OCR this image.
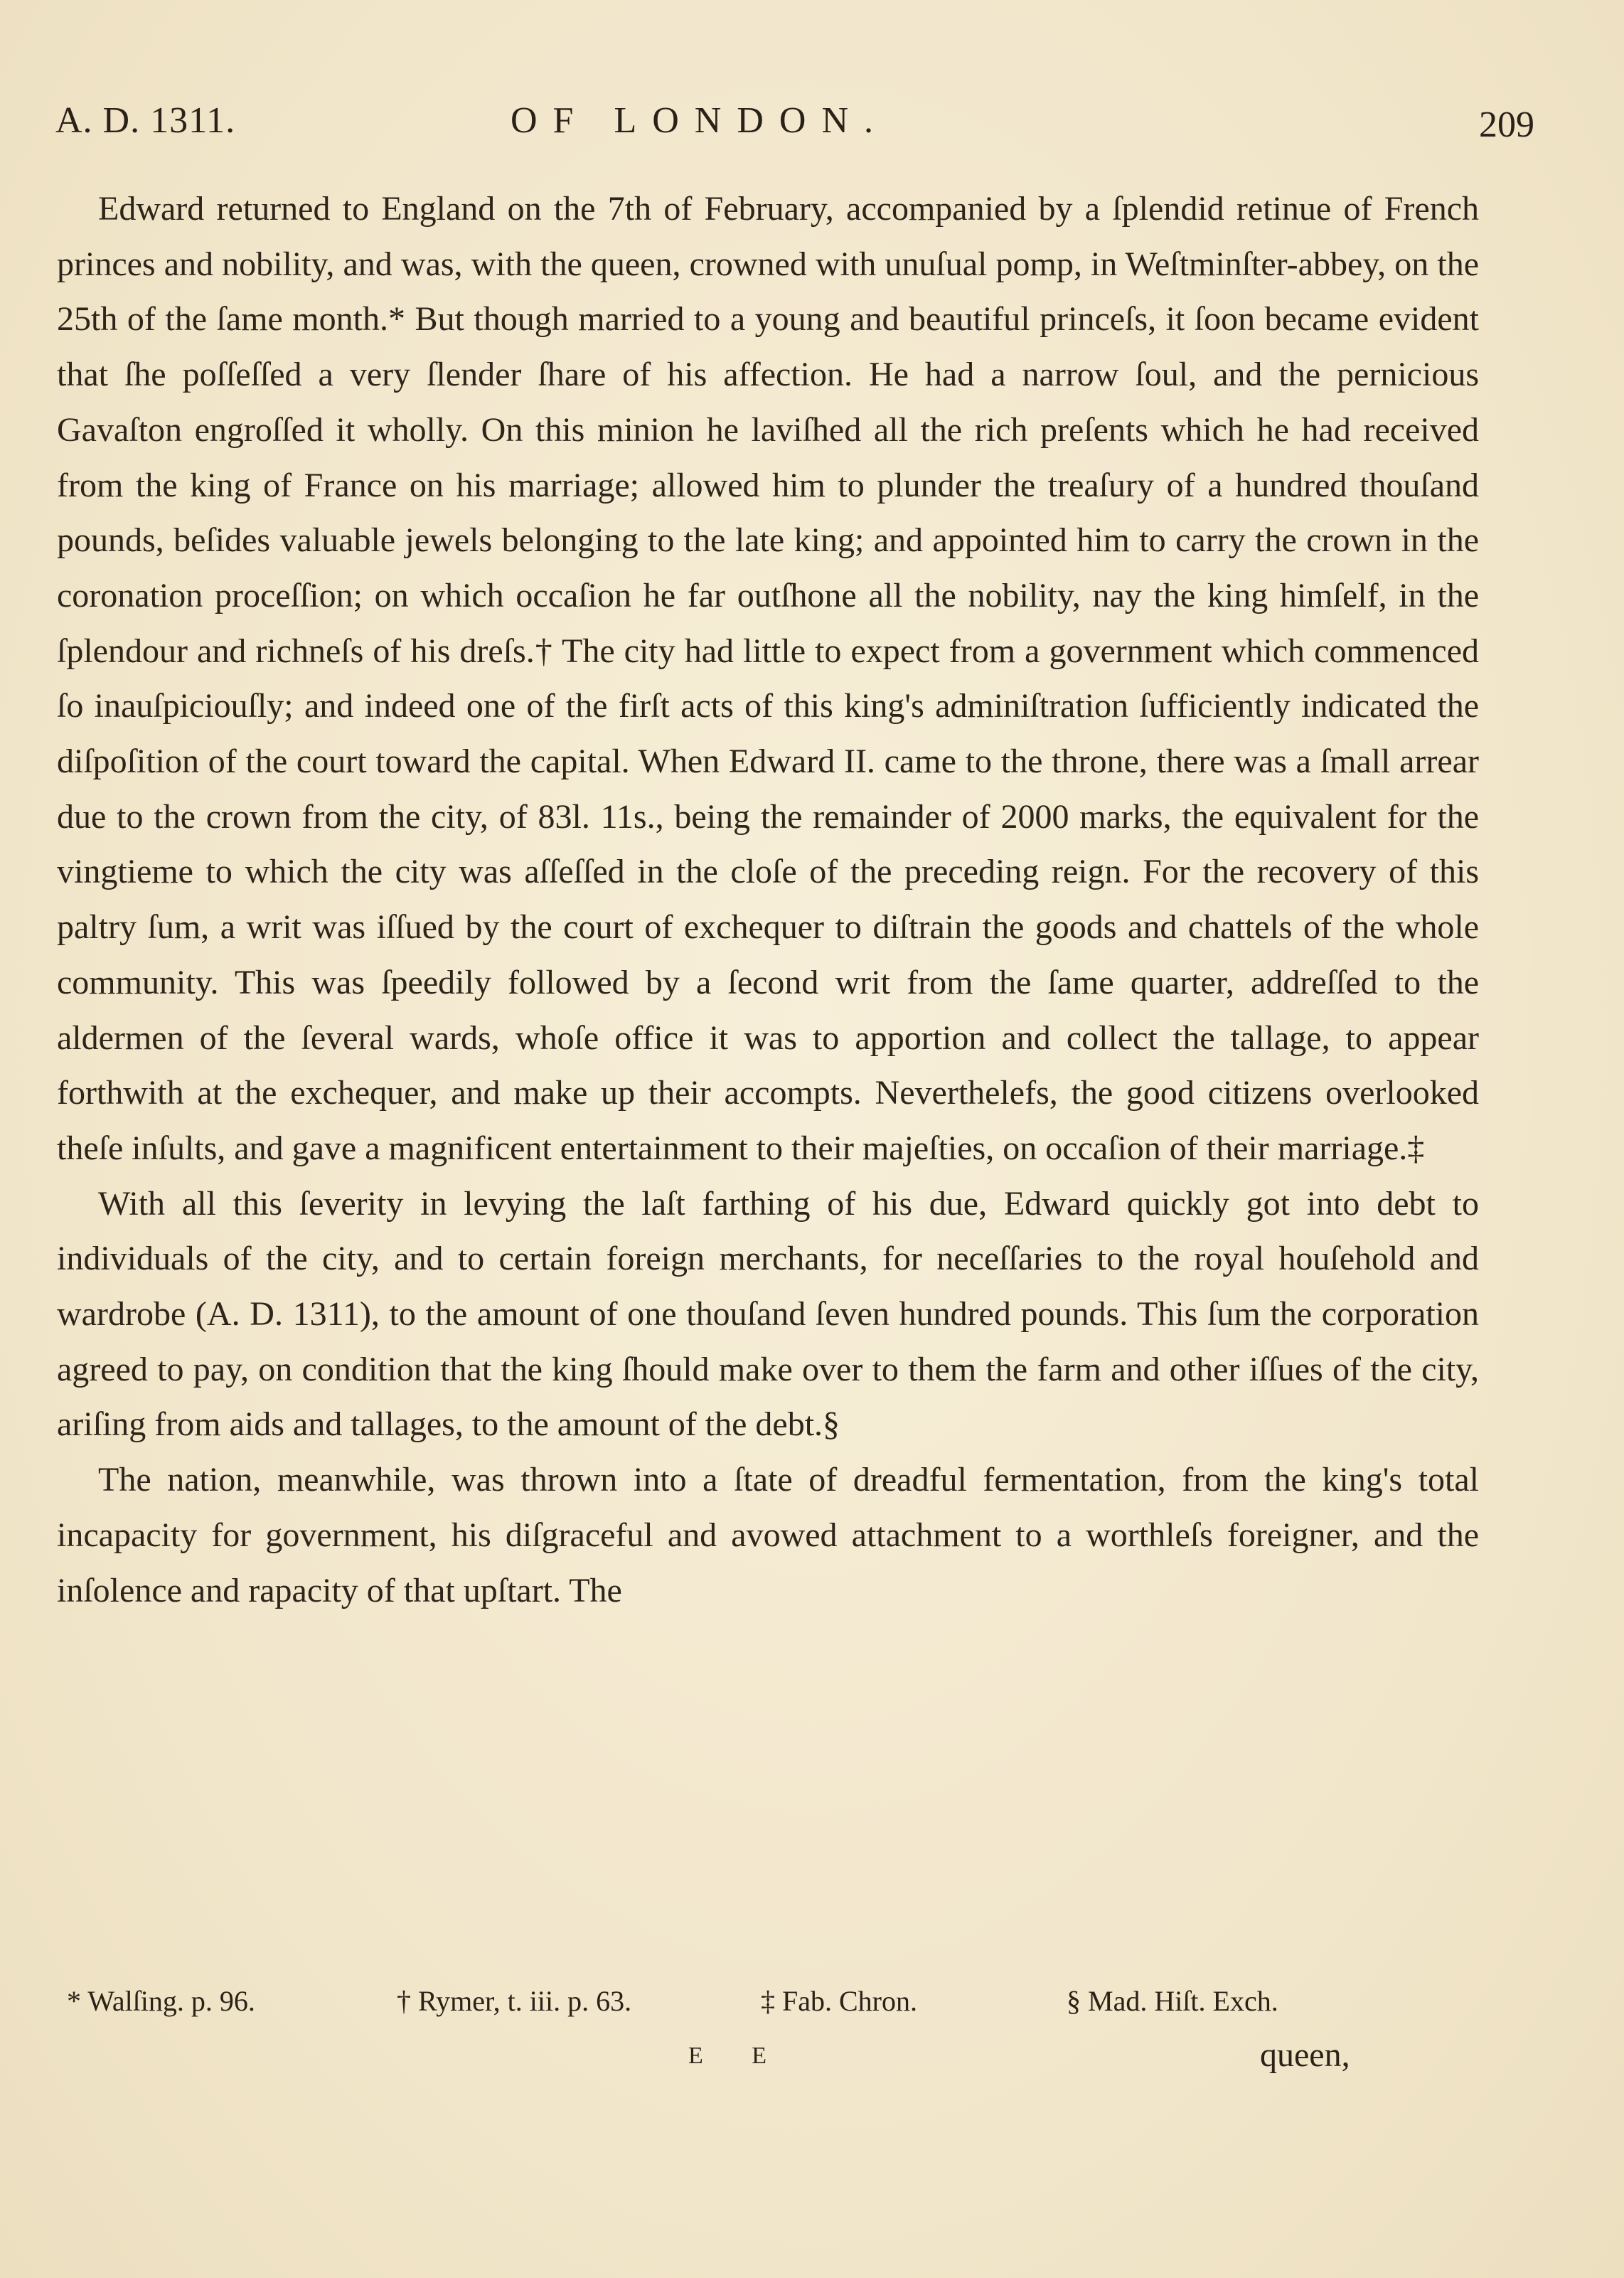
A. D. 1311.	OF LONDON.	209

Edward returned to England on the 7th of February, accompanied by a ſplendid retinue of French princes and nobility, and was, with the queen, crowned with unuſual pomp, in Weſtminſter-abbey, on the 25th of the ſame month.* But though married to a young and beautiful princeſs, it ſoon became evident that ſhe poſſeſſed a very ſlender ſhare of his affection. He had a narrow ſoul, and the pernicious Gavaſton engroſſed it wholly. On this minion he laviſhed all the rich preſents which he had received from the king of France on his marriage; allowed him to plunder the treaſury of a hundred thouſand pounds, beſides valuable jewels belonging to the late king; and appointed him to carry the crown in the coronation proceſſion; on which occaſion he far outſhone all the nobility, nay the king himſelf, in the ſplendour and richneſs of his dreſs.† The city had little to expect from a government which commenced ſo inauſpiciouſly; and indeed one of the firſt acts of this king's adminiſtration ſufficiently indicated the diſpoſition of the court toward the capital. When Edward II. came to the throne, there was a ſmall arrear due to the crown from the city, of 83l. 11s., being the remainder of 2000 marks, the equivalent for the vingtieme to which the city was aſſeſſed in the cloſe of the preceding reign. For the recovery of this paltry ſum, a writ was iſſued by the court of exchequer to diſtrain the goods and chattels of the whole community. This was ſpeedily followed by a ſecond writ from the ſame quarter, addreſſed to the aldermen of the ſeveral wards, whoſe office it was to apportion and collect the tallage, to appear forthwith at the exchequer, and make up their accompts. Neverthelefs, the good citizens overlooked theſe inſults, and gave a magnificent entertainment to their majeſties, on occaſion of their marriage.‡

With all this ſeverity in levying the laſt farthing of his due, Edward quickly got into debt to individuals of the city, and to certain foreign merchants, for neceſſaries to the royal houſehold and wardrobe (A. D. 1311), to the amount of one thouſand ſeven hundred pounds. This ſum the corporation agreed to pay, on condition that the king ſhould make over to them the farm and other iſſues of the city, ariſing from aids and tallages, to the amount of the debt.§

The nation, meanwhile, was thrown into a ſtate of dreadful fermentation, from the king's total incapacity for government, his diſgraceful and avowed attachment to a worthleſs foreigner, and the inſolence and rapacity of that upſtart. The

* Walſing. p. 96.	† Rymer, t. iii. p. 63.	‡ Fab. Chron.	§ Mad. Hiſt. Exch.
E E	queen,
